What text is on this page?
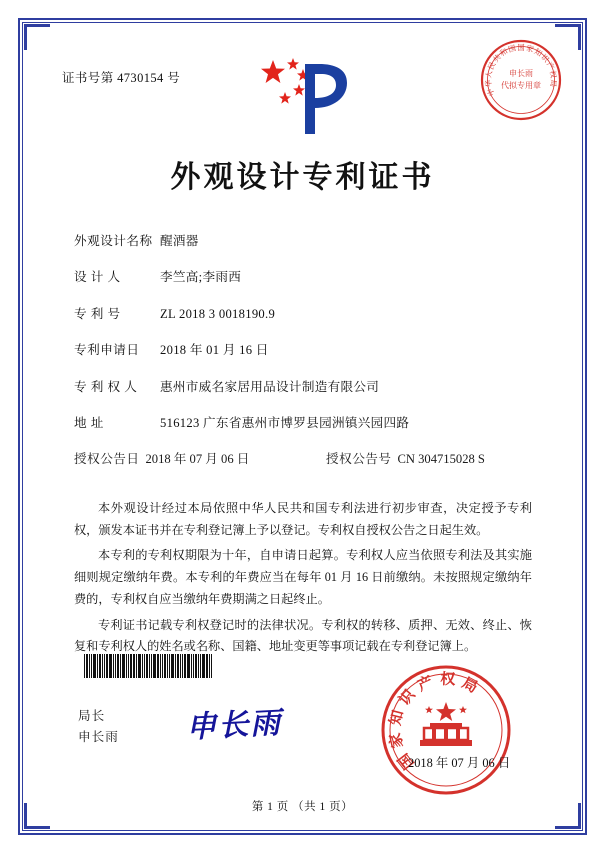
证书号第 4730154 号
中
华
人
民
共
和
国 国 家
知
识
产
权
局
申长雨
代拟专用章
外观设计专利证书
外观设计名称 醒酒器
设 计 人	李竺高;李雨西
专 利 号	ZL 2018 3 0018190.9
专利申请日	2018 年 01 月 16 日
专 利 权 人	惠州市威名家居用品设计制造有限公司
地 址	516123 广东省惠州市博罗县园洲镇兴园四路
授权公告日 2018 年 07 月 06 日	授权公告号 CN 304715028 S

本外观设计经过本局依照中华人民共和国专利法进行初步审查，决定授予专利权，颁发本证书并在专利登记簿上予以登记。专利权自授权公告之日起生效。

本专利的专利权期限为十年，自申请日起算。专利权人应当依照专利法及其实施细则规定缴纳年费。本专利的年费应当在每年 01 月 16 日前缴纳。未按照规定缴纳年费的，专利权自应当缴纳年费期满之日起终止。

专利证书记载专利权登记时的法律状况。专利权的转移、质押、无效、终止、恢复和专利权人的姓名或名称、国籍、地址变更等事项记载在专利登记簿上。

局长
申长雨 申长雨
国
家
知
识
产 权 局
2018 年 07 月 06 日
第 1 页 （共 1 页）
